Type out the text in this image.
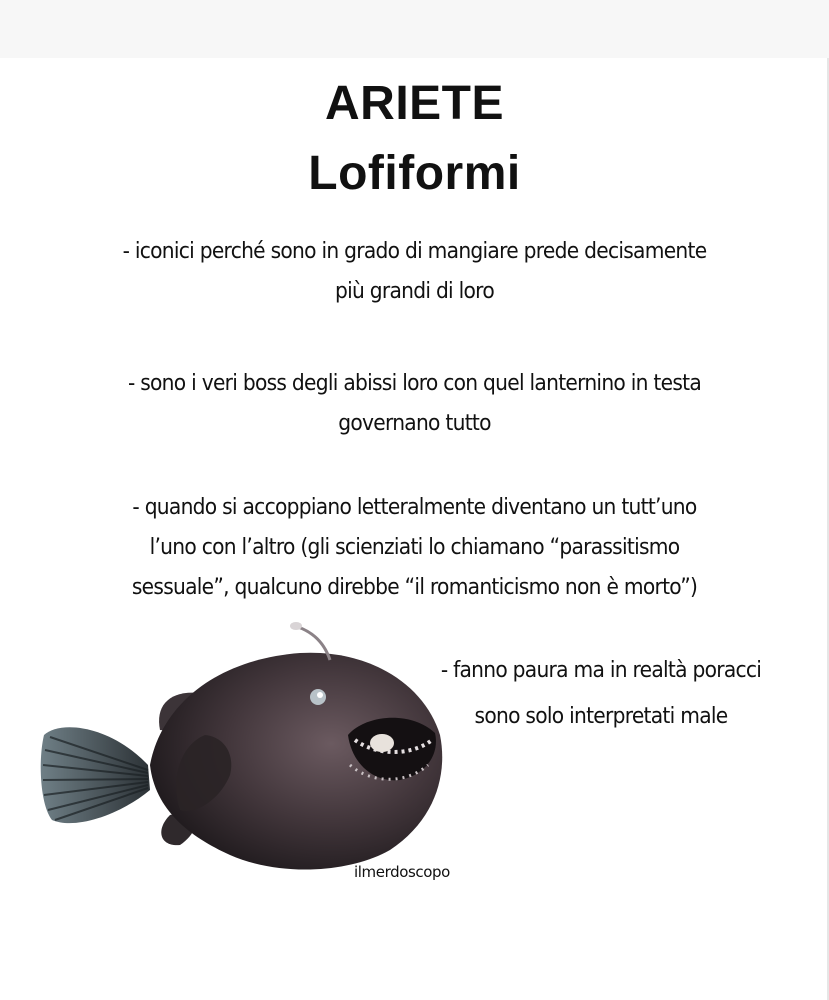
ARIETE
Lofiformi
- iconici perché sono in grado di mangiare prede decisamente
più grandi di loro
- sono i veri boss degli abissi loro con quel lanternino in testa
governano tutto
- quando si accoppiano letteralmente diventano un tutt’uno
l’uno con l’altro (gli scienziati lo chiamano “parassitismo
sessuale”, qualcuno direbbe “il romanticismo non è morto”)
- fanno paura ma in realtà poracci
sono solo interpretati male
ilmerdoscopo
